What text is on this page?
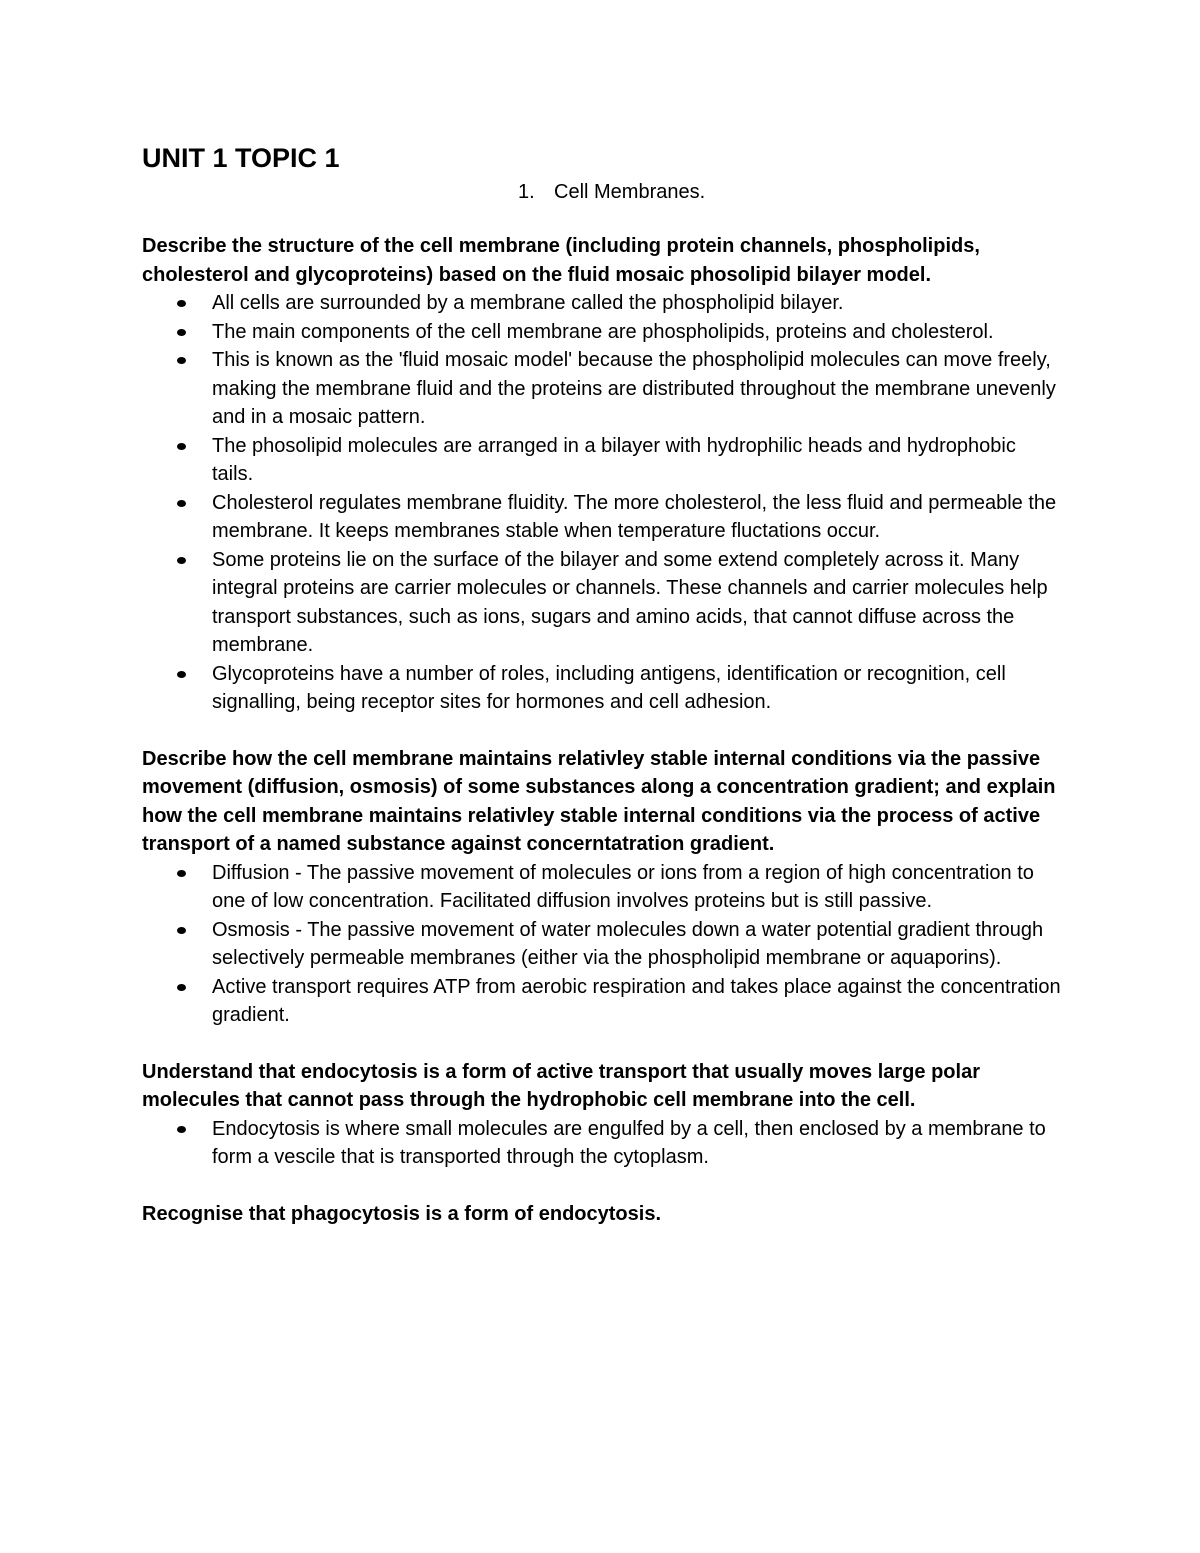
UNIT 1 TOPIC 1

1. Cell Membranes.

Describe the structure of the cell membrane (including protein channels, phospholipids, cholesterol and glycoproteins) based on the fluid mosaic phosolipid bilayer model.

All cells are surrounded by a membrane called the phospholipid bilayer.
The main components of the cell membrane are phospholipids, proteins and cholesterol.
This is known as the 'fluid mosaic model' because the phospholipid molecules can move freely, making the membrane fluid and the proteins are distributed throughout the membrane unevenly and in a mosaic pattern.
The phosolipid molecules are arranged in a bilayer with hydrophilic heads and hydrophobic tails.
Cholesterol regulates membrane fluidity. The more cholesterol, the less fluid and permeable the membrane. It keeps membranes stable when temperature fluctations occur.
Some proteins lie on the surface of the bilayer and some extend completely across it. Many integral proteins are carrier molecules or channels. These channels and carrier molecules help transport substances, such as ions, sugars and amino acids, that cannot diffuse across the membrane.
Glycoproteins have a number of roles, including antigens, identification or recognition, cell signalling, being receptor sites for hormones and cell adhesion.

Describe how the cell membrane maintains relativley stable internal conditions via the passive movement (diffusion, osmosis) of some substances along a concentration gradient; and explain how the cell membrane maintains relativley stable internal conditions via the process of active transport of a named substance against concerntatration gradient.

Diffusion - The passive movement of molecules or ions from a region of high concentration to one of low concentration. Facilitated diffusion involves proteins but is still passive.
Osmosis - The passive movement of water molecules down a water potential gradient through selectively permeable membranes (either via the phospholipid membrane or aquaporins).
Active transport requires ATP from aerobic respiration and takes place against the concentration gradient.

Understand that endocytosis is a form of active transport that usually moves large polar molecules that cannot pass through the hydrophobic cell membrane into the cell.

Endocytosis is where small molecules are engulfed by a cell, then enclosed by a membrane to form a vescile that is transported through the cytoplasm.

Recognise that phagocytosis is a form of endocytosis.
